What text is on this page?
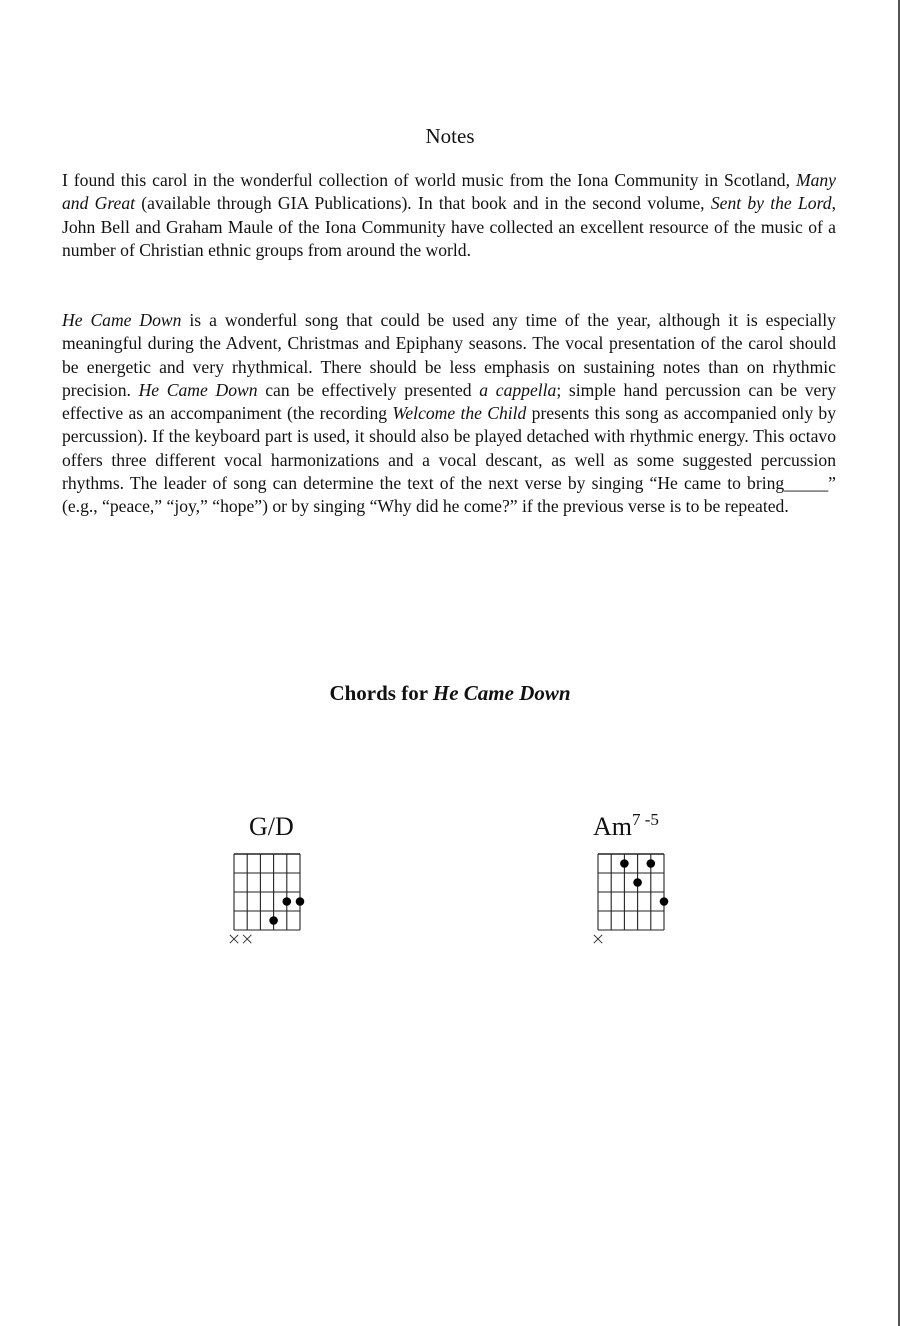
Notes

I found this carol in the wonderful collection of world music from the Iona Community in Scotland, Many and Great (available through GIA Publications). In that book and in the second volume, Sent by the Lord, John Bell and Graham Maule of the Iona Community have collected an excellent resource of the music of a number of Christian ethnic groups from around the world.

He Came Down is a wonderful song that could be used any time of the year, although it is especially meaningful during the Advent, Christmas and Epiphany seasons. The vocal presentation of the carol should be energetic and very rhythmical. There should be less emphasis on sustaining notes than on rhythmic precision. He Came Down can be effectively presented a cappella; simple hand percussion can be very effective as an accompaniment (the recording Welcome the Child presents this song as accompanied only by percussion). If the keyboard part is used, it should also be played detached with rhythmic energy. This octavo offers three different vocal harmonizations and a vocal descant, as well as some suggested percussion rhythms. The leader of song can determine the text of the next verse by singing “He came to bring_____” (e.g., “peace,” “joy,” “hope”) or by singing “Why did he come?” if the previous verse is to be repeated.

Chords for He Came Down
G/D	Am$^{7 -5}$
